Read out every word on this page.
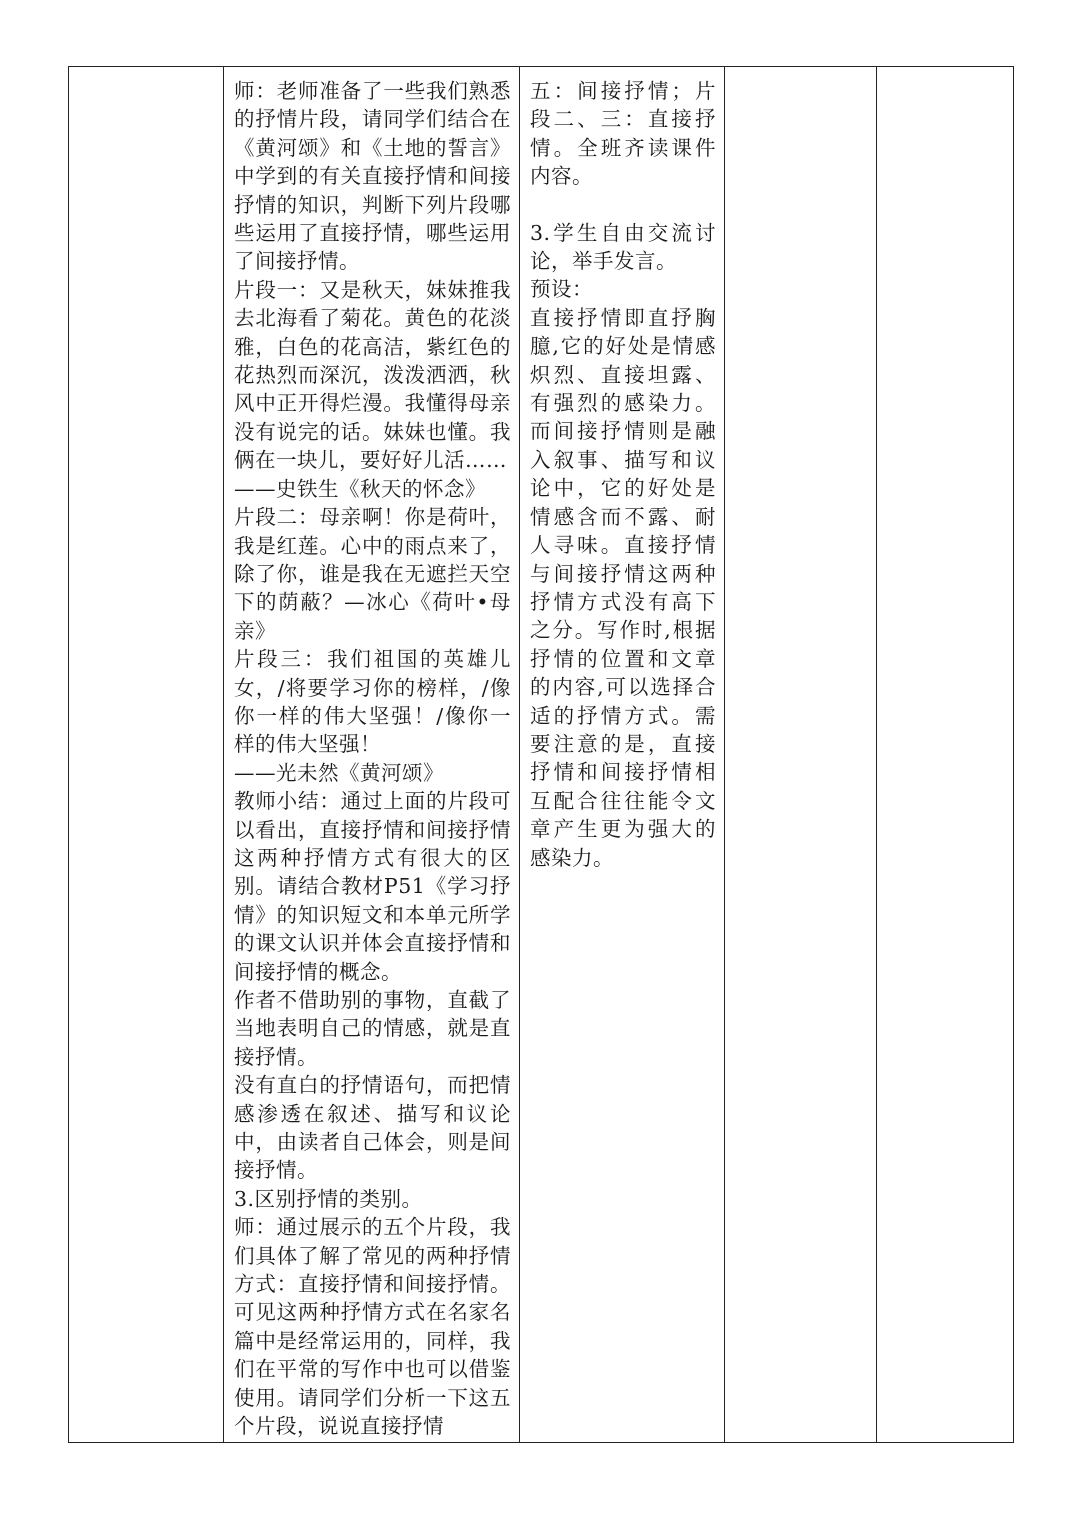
师：老师准备了一些我们熟悉的抒情片段，请同学们结合在《黄河颂》和《土地的誓言》中学到的有关直接抒情和间接抒情的知识，判断下列片段哪些运用了直接抒情，哪些运用了间接抒情。

片段一：又是秋天，妹妹推我去北海看了菊花。黄色的花淡雅，白色的花高洁，紫红色的花热烈而深沉，泼泼洒洒，秋风中正开得烂漫。我懂得母亲没有说完的话。妹妹也懂。我俩在一块儿，要好好儿活……

——史铁生《秋天的怀念》

片段二：母亲啊！你是荷叶，我是红莲。心中的雨点来了，除了你，谁是我在无遮拦天空下的荫蔽？—冰心《荷叶•母亲》

片段三：我们祖国的英雄儿女，/将要学习你的榜样，/像你一样的伟大坚强！/像你一样的伟大坚强！

——光未然《黄河颂》

教师小结：通过上面的片段可以看出，直接抒情和间接抒情这两种抒情方式有很大的区别。请结合教材P51《学习抒情》的知识短文和本单元所学的课文认识并体会直接抒情和间接抒情的概念。

作者不借助别的事物，直截了当地表明自己的情感，就是直接抒情。

没有直白的抒情语句，而把情感渗透在叙述、描写和议论中，由读者自己体会，则是间接抒情。

3.区别抒情的类别。

师：通过展示的五个片段，我们具体了解了常见的两种抒情方式：直接抒情和间接抒情。可见这两种抒情方式在名家名篇中是经常运用的，同样，我们在平常的写作中也可以借鉴使用。请同学们分析一下这五个片段，说说直接抒情

五：间接抒情；片段二、三：直接抒情。全班齐读课件内容。

3.学生自由交流讨论，举手发言。

预设：

直接抒情即直抒胸臆,它的好处是情感炽烈、直接坦露、有强烈的感染力。而间接抒情则是融入叙事、描写和议论中，它的好处是情感含而不露、耐人寻味。直接抒情与间接抒情这两种抒情方式没有高下之分。写作时,根据抒情的位置和文章的内容,可以选择合适的抒情方式。需要注意的是，直接抒情和间接抒情相互配合往往能令文章产生更为强大的感染力。
